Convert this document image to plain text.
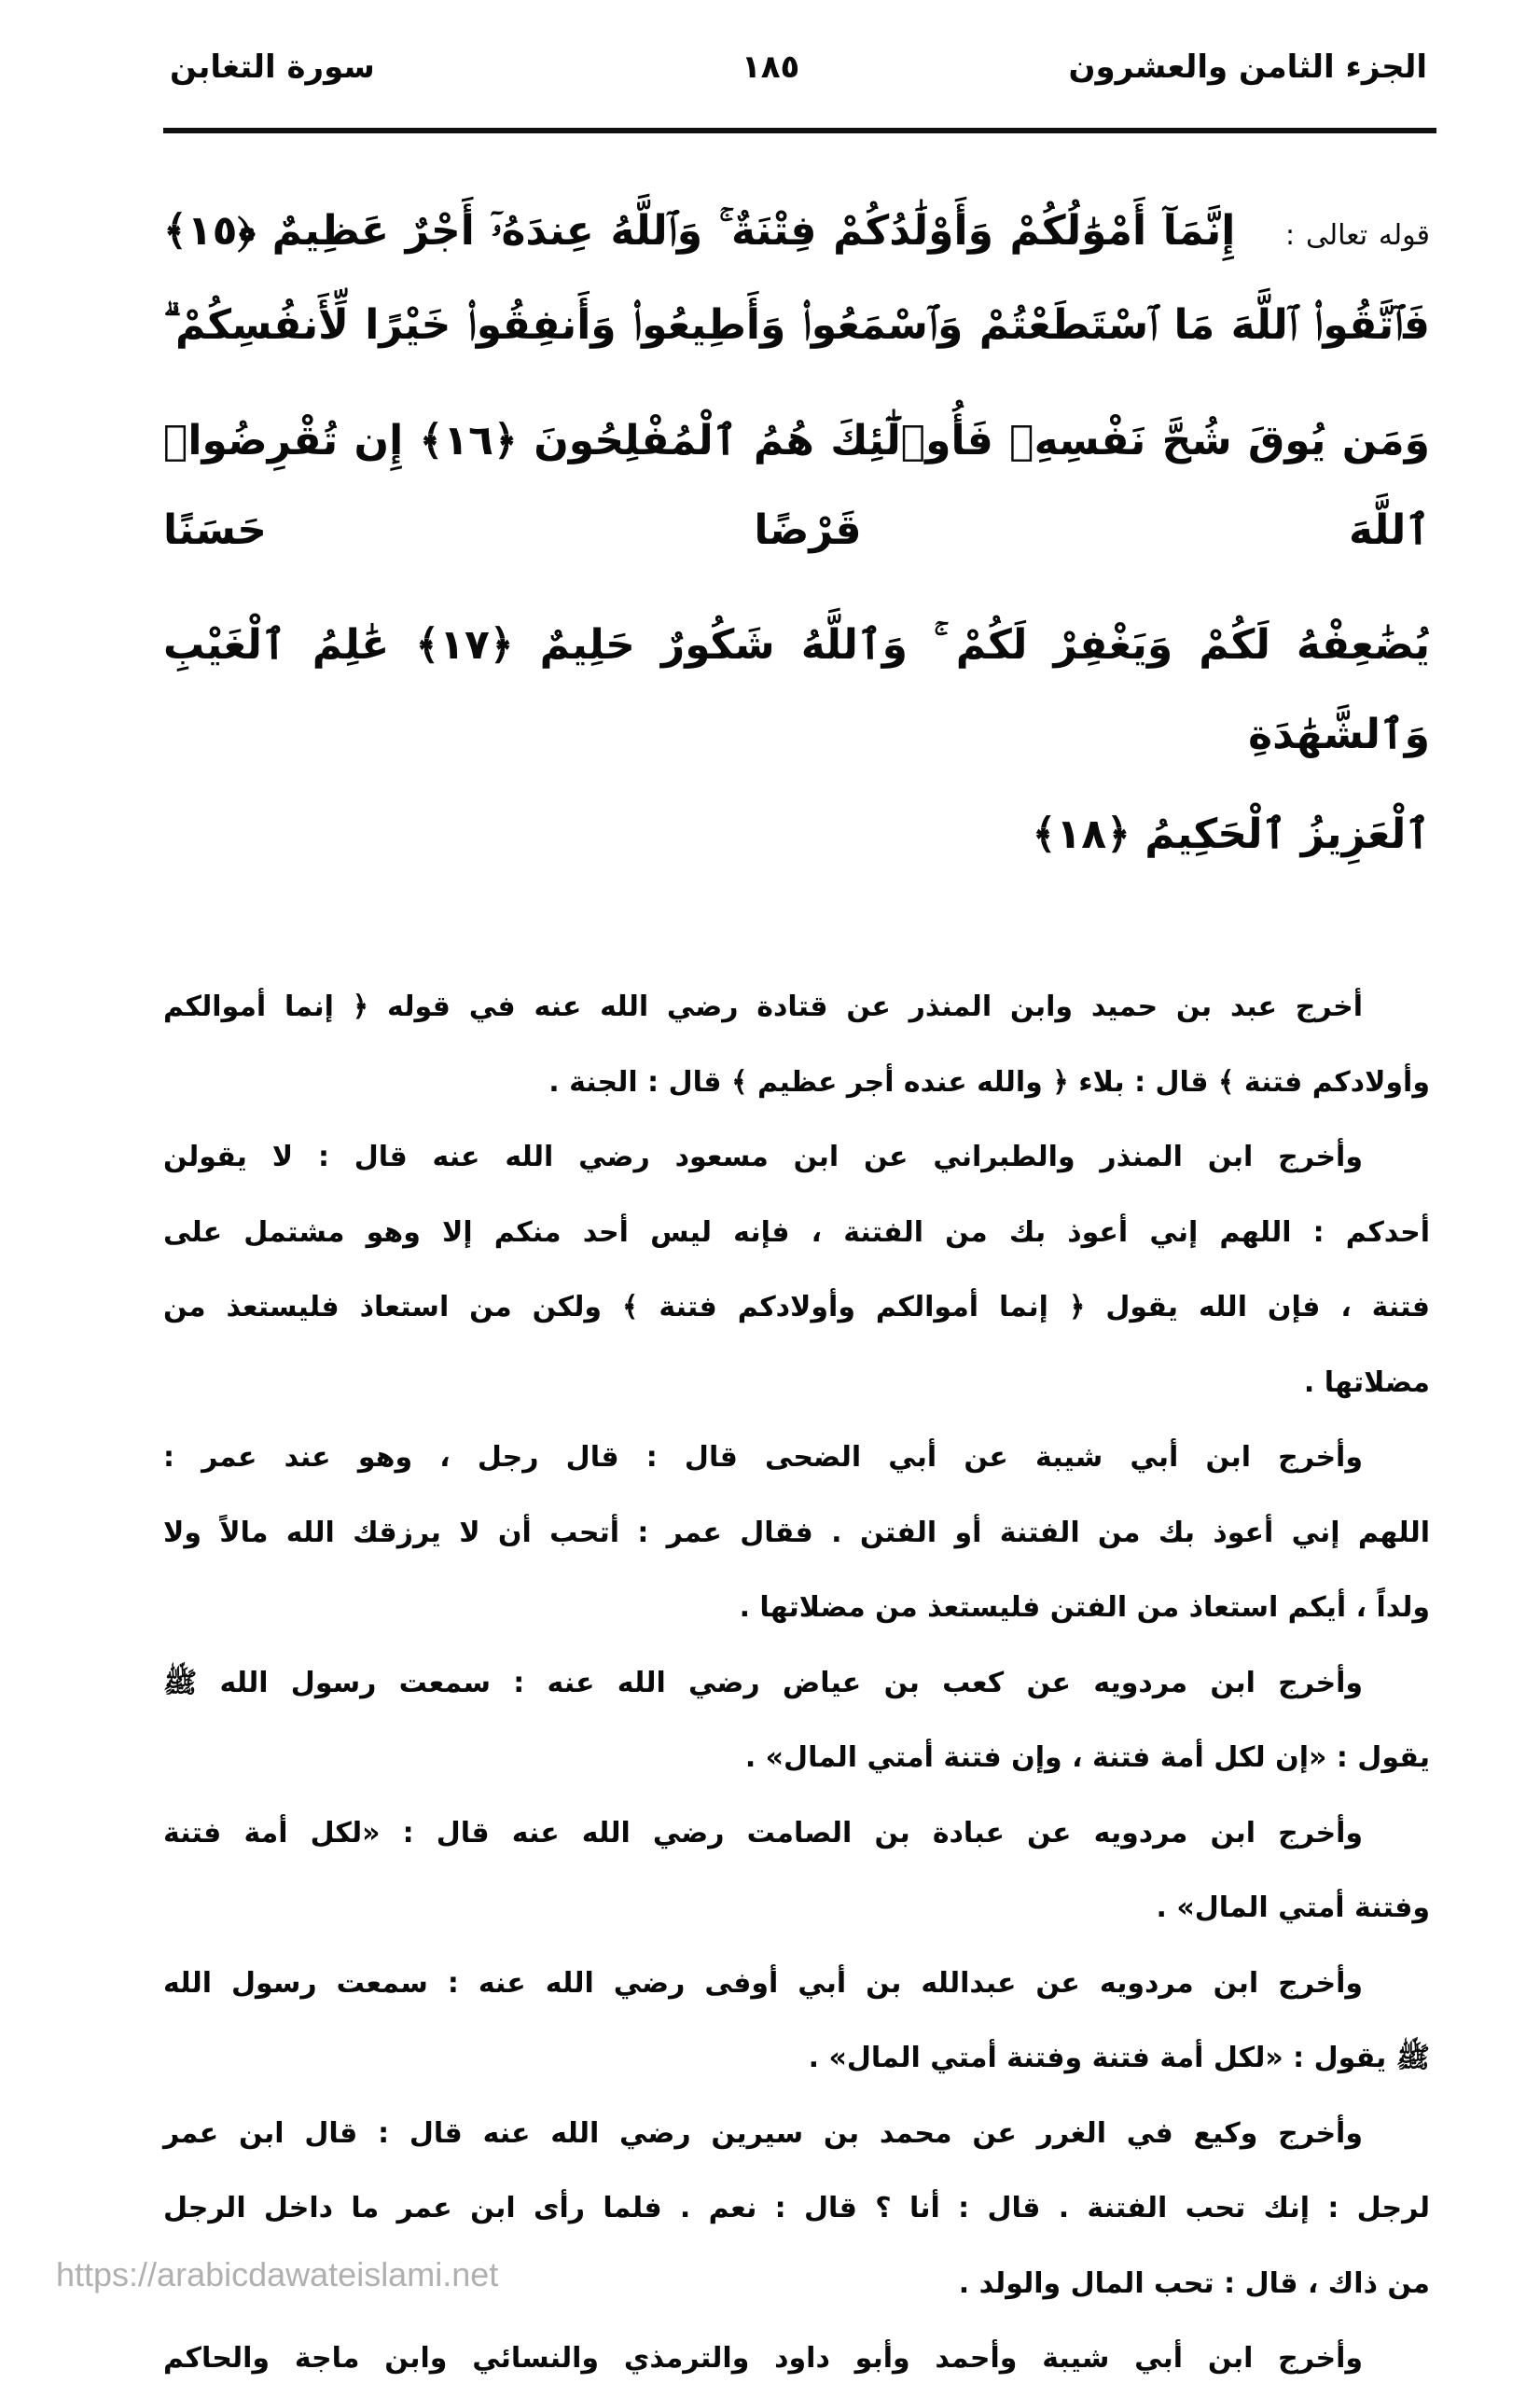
الجزء الثامن والعشرون
١٨٥
سورة التغابن
قوله تعالى : إِنَّمَآ أَمْوَٰلُكُمْ وَأَوْلَٰدُكُمْ فِتْنَةٌ ۚ وَٱللَّهُ عِندَهُۥٓ أَجْرٌ عَظِيمٌ ﴿١٥﴾
فَٱتَّقُوا۟ ٱللَّهَ مَا ٱسْتَطَعْتُمْ وَٱسْمَعُوا۟ وَأَطِيعُوا۟ وَأَنفِقُوا۟ خَيْرًا لِّأَنفُسِكُمْ ۗ
وَمَن يُوقَ شُحَّ نَفْسِهِۦ فَأُو۟لَٰٓئِكَ هُمُ ٱلْمُفْلِحُونَ ﴿١٦﴾ إِن تُقْرِضُوا۟ ٱللَّهَ قَرْضًا حَسَنًا
يُضَٰعِفْهُ لَكُمْ وَيَغْفِرْ لَكُمْ ۚ وَٱللَّهُ شَكُورٌ حَلِيمٌ ﴿١٧﴾ عَٰلِمُ ٱلْغَيْبِ وَٱلشَّهَٰدَةِ
ٱلْعَزِيزُ ٱلْحَكِيمُ ﴿١٨﴾
أخرج عبد بن حميد وابن المنذر عن قتادة رضي الله عنه في قوله ﴿ إنما أموالكم
وأولادكم فتنة ﴾ قال : بلاء ﴿ والله عنده أجر عظيم ﴾ قال : الجنة .
وأخرج ابن المنذر والطبراني عن ابن مسعود رضي الله عنه قال : لا يقولن
أحدكم : اللهم إني أعوذ بك من الفتنة ، فإنه ليس أحد منكم إلا وهو مشتمل على
فتنة ، فإن الله يقول ﴿ إنما أموالكم وأولادكم فتنة ﴾ ولكن من استعاذ فليستعذ من
مضلاتها .
وأخرج ابن أبي شيبة عن أبي الضحى قال : قال رجل ، وهو عند عمر :
اللهم إني أعوذ بك من الفتنة أو الفتن . فقال عمر : أتحب أن لا يرزقك الله مالاً ولا
ولداً ، أيكم استعاذ من الفتن فليستعذ من مضلاتها .
وأخرج ابن مردويه عن كعب بن عياض رضي الله عنه : سمعت رسول الله ﷺ
يقول : «إن لكل أمة فتنة ، وإن فتنة أمتي المال» .
وأخرج ابن مردويه عن عبادة بن الصامت رضي الله عنه قال : «لكل أمة فتنة
وفتنة أمتي المال» .
وأخرج ابن مردويه عن عبدالله بن أبي أوفى رضي الله عنه : سمعت رسول الله
ﷺ يقول : «لكل أمة فتنة وفتنة أمتي المال» .
وأخرج وكيع في الغرر عن محمد بن سيرين رضي الله عنه قال : قال ابن عمر
لرجل : إنك تحب الفتنة . قال : أنا ؟ قال : نعم . فلما رأى ابن عمر ما داخل الرجل
من ذاك ، قال : تحب المال والولد .
وأخرج ابن أبي شيبة وأحمد وأبو داود والترمذي والنسائي وابن ماجة والحاكم
https://arabicdawateislami.net
